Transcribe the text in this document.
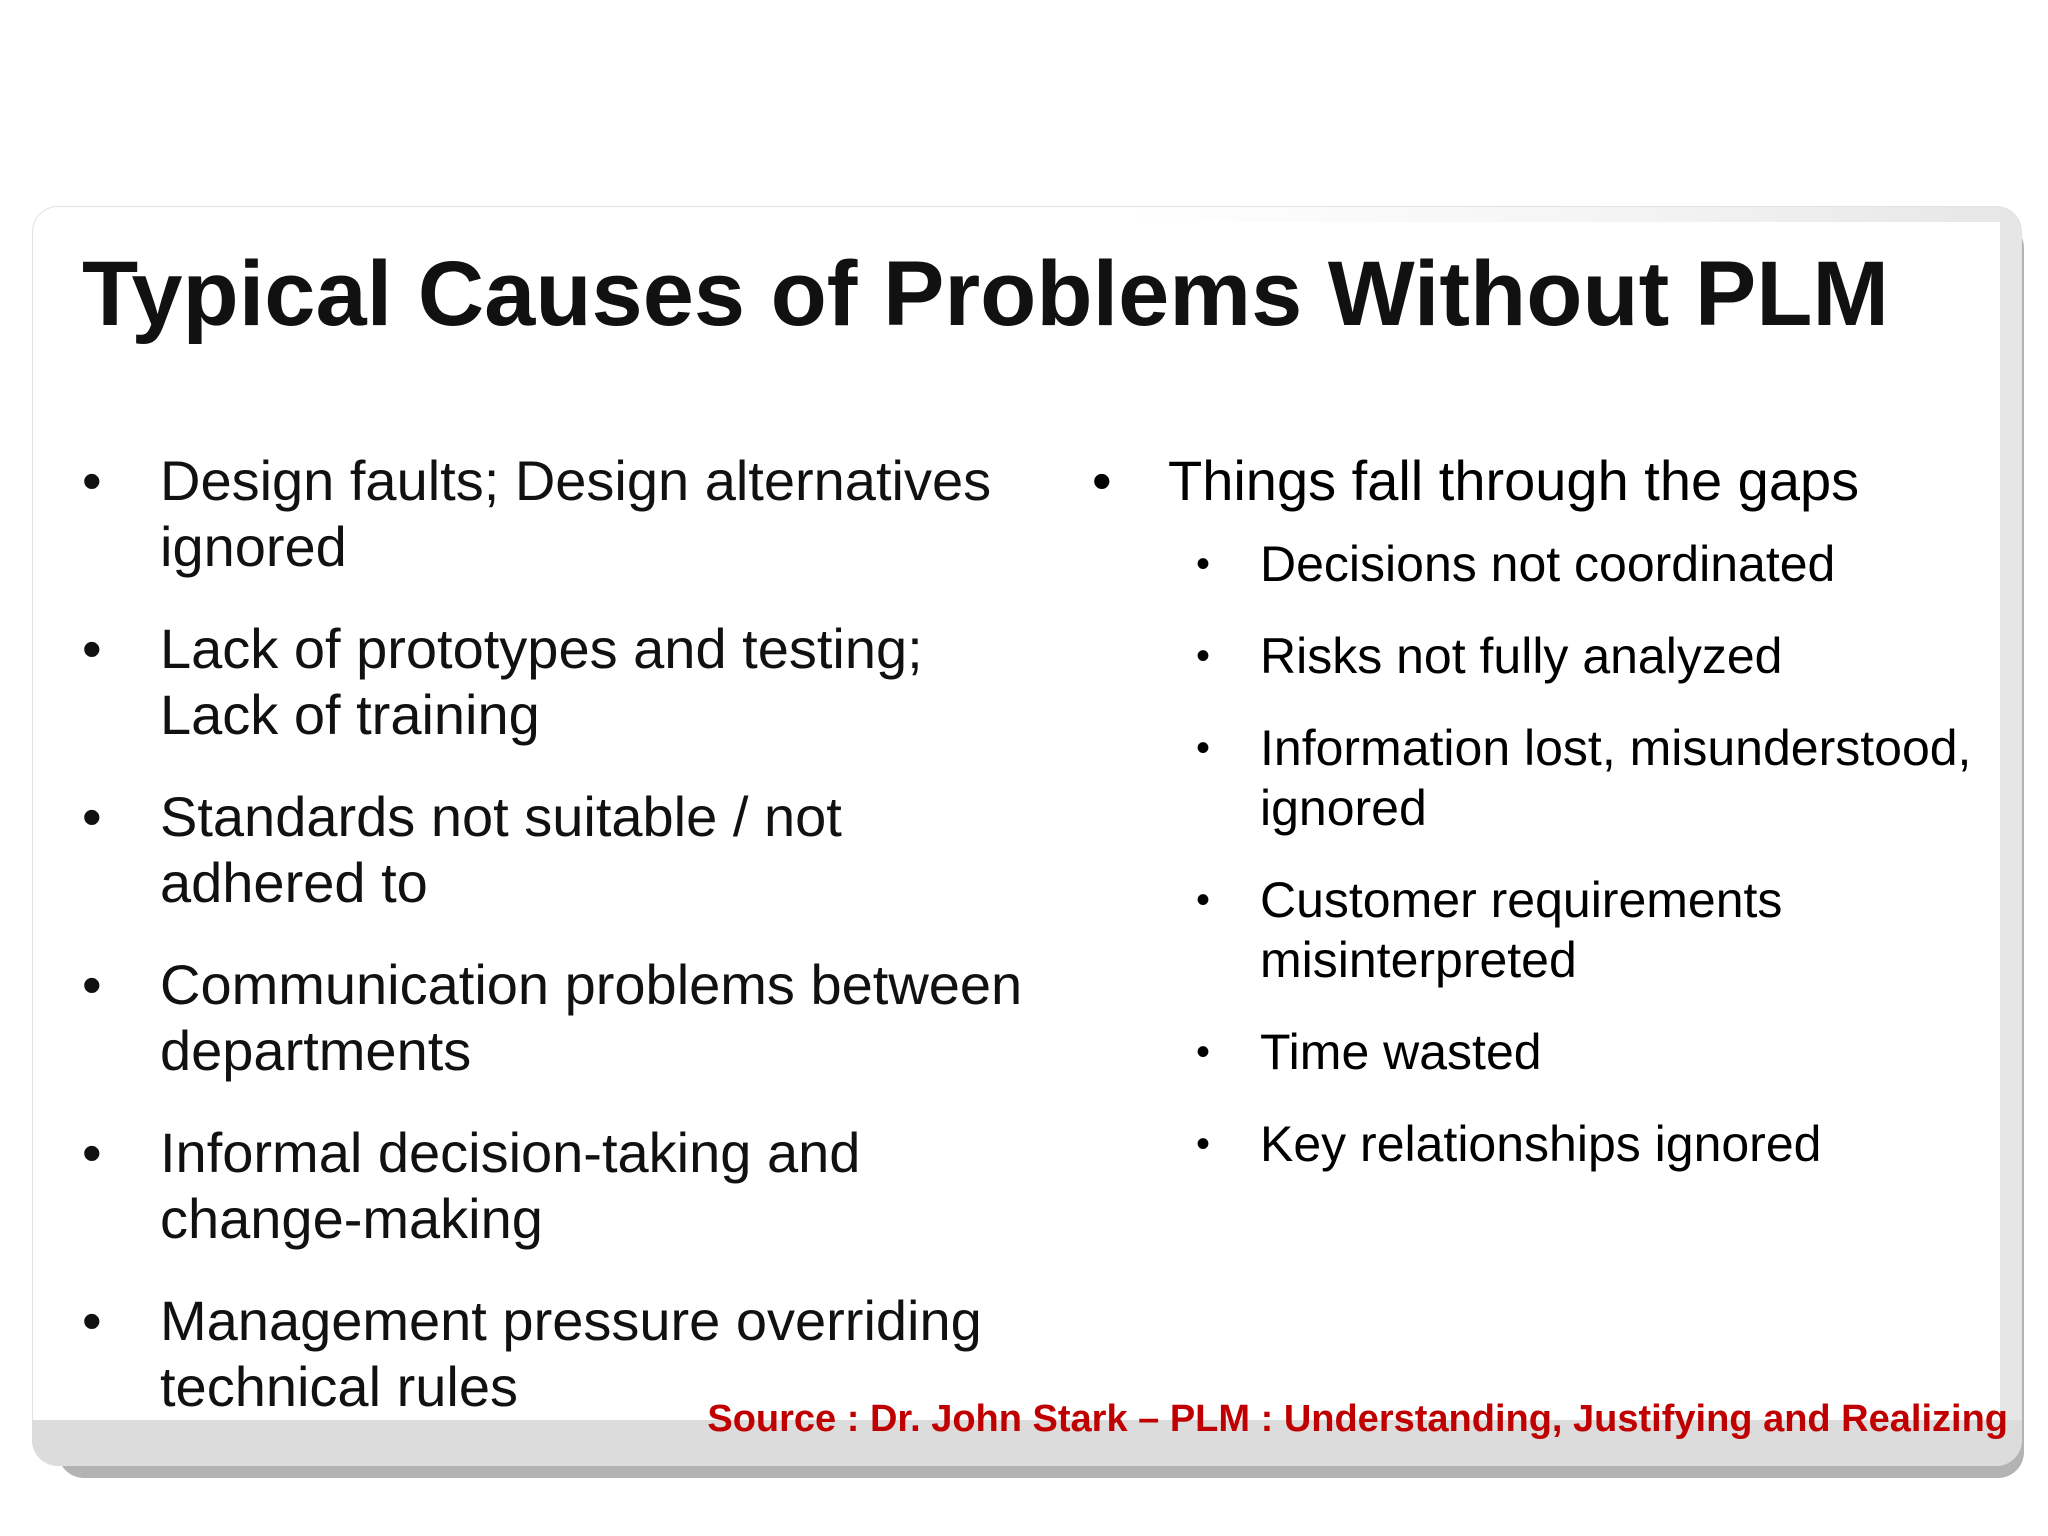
Typical Causes of Problems Without PLM
• Design faults; Design alternatives ignored
• Lack of prototypes and testing; Lack of training
• Standards not suitable / not adhered to
• Communication problems between departments
• Informal decision-taking and change-making
• Management pressure overriding technical rules
• Things fall through the gaps
• Decisions not coordinated
• Risks not fully analyzed
• Information lost, misunderstood, ignored
• Customer requirements misinterpreted
• Time wasted
• Key relationships ignored
Source : Dr. John Stark – PLM : Understanding, Justifying and Realizing
